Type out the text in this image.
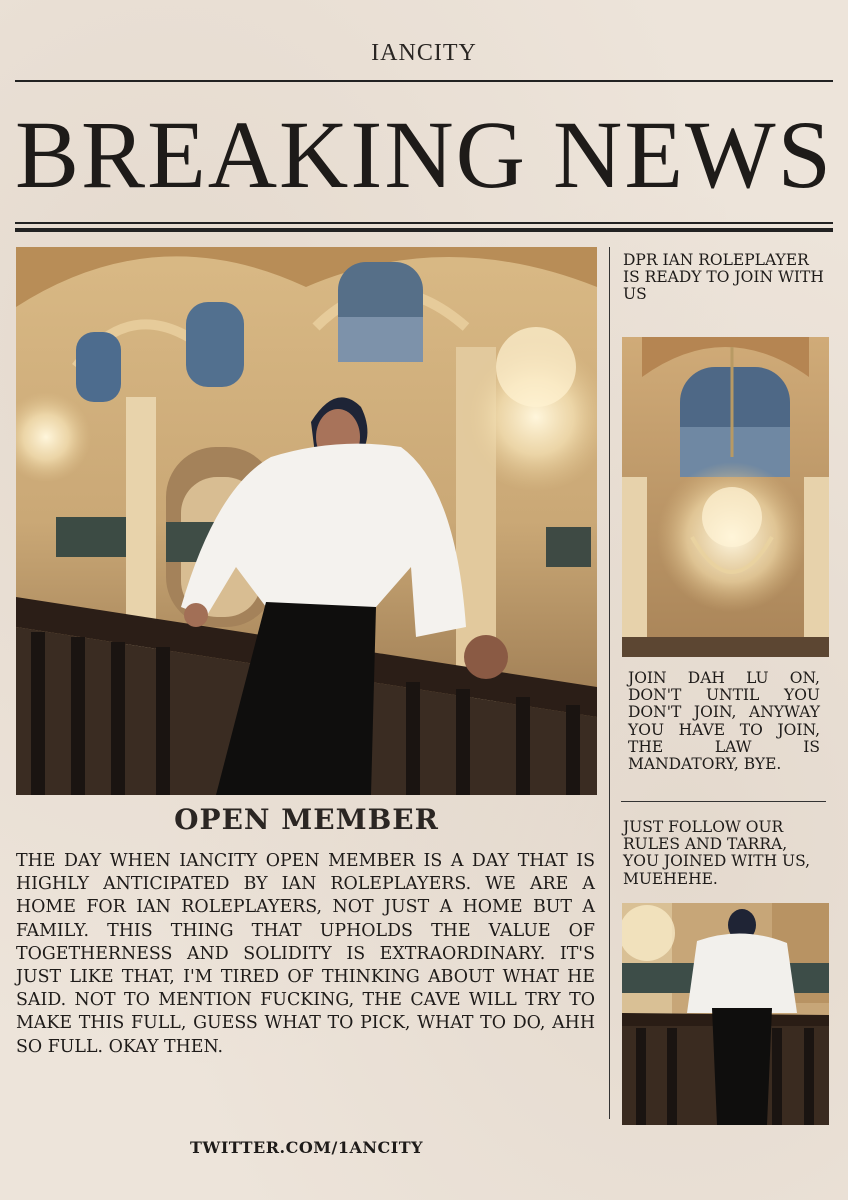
IANCITY
BREAKING NEWS
DPR IAN ROLEPLAYER IS READY TO JOIN WITH US
JOIN DAH LU ON, DON'T UNTIL YOU DON'T JOIN, ANYWAY YOU HAVE TO JOIN, THE LAW IS MANDATORY, BYE.
JUST FOLLOW OUR RULES AND TARRA, YOU JOINED WITH US, MUEHEHE.
OPEN MEMBER
THE DAY WHEN IANCITY OPEN MEMBER IS A DAY THAT IS HIGHLY ANTICIPATED BY IAN ROLEPLAYERS. WE ARE A HOME FOR IAN ROLEPLAYERS, NOT JUST A HOME BUT A FAMILY. THIS THING THAT UPHOLDS THE VALUE OF TOGETHERNESS AND SOLIDITY IS EXTRAORDINARY. IT'S JUST LIKE THAT, I'M TIRED OF THINKING ABOUT WHAT HE SAID. NOT TO MENTION FUCKING, THE CAVE WILL TRY TO MAKE THIS FULL, GUESS WHAT TO PICK, WHAT TO DO, AHH SO FULL. OKAY THEN.
TWITTER.COM/1ANCITY
